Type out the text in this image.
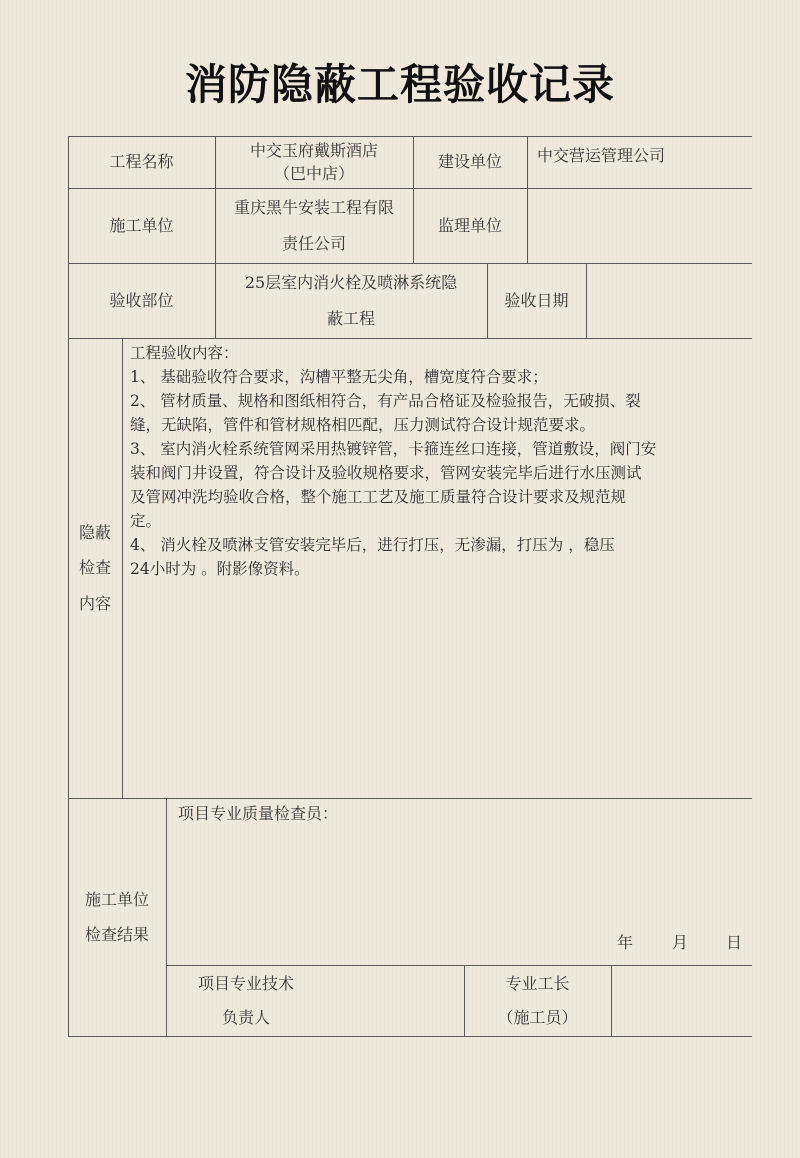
消防隐蔽工程验收记录
工程名称
中交玉府戴斯酒店
（巴中店）
建设单位 中交营运管理公司
施工单位
重庆黑牛安装工程有限
责任公司
监理单位
验收部位
25层室内消火栓及喷淋系统隐
蔽工程
验收日期
隐蔽
检查
内容
工程验收内容：
1、 基础验收符合要求，沟槽平整无尖角，槽宽度符合要求；
2、 管材质量、规格和图纸相符合，有产品合格证及检验报告，无破损、裂
缝，无缺陷，管件和管材规格相匹配，压力测试符合设计规范要求。
3、 室内消火栓系统管网采用热镀锌管，卡箍连丝口连接，管道敷设，阀门安
装和阀门井设置，符合设计及验收规格要求，管网安装完毕后进行水压测试
及管网冲洗均验收合格，整个施工工艺及施工质量符合设计要求及规范规
定。
4、 消火栓及喷淋支管安装完毕后，进行打压，无渗漏，打压为 ，稳压
24小时为 。附影像资料。
施工单位
检查结果
项目专业质量检查员：
年 月 日
项目专业技术
负责人
专业工长
（施工员）
